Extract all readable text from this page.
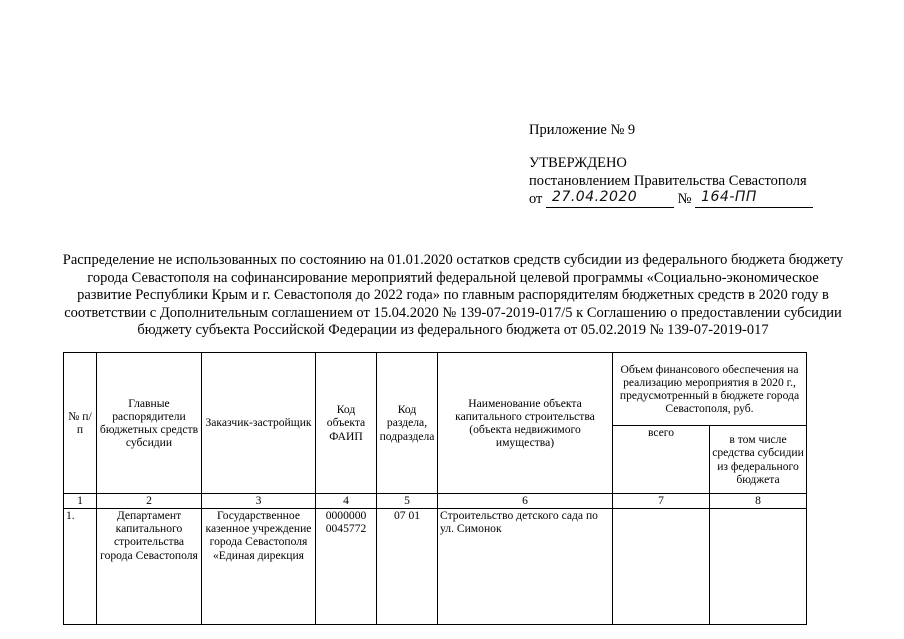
Приложение № 9
УТВЕРЖДЕНО
постановлением Правительства Севастополя
от 27.04.2020	№ 164-ПП
Распределение не использованных по состоянию на 01.01.2020 остатков средств субсидии из федерального бюджета бюджету города Севастополя на софинансирование мероприятий федеральной целевой программы «Социально-экономическое развитие Республики Крым и г. Севастополя до 2022 года» по главным распорядителям бюджетных средств в 2020 году в соответствии с Дополнительным соглашением от 15.04.2020 № 139-07-2019-017/5 к Соглашению о предоставлении субсидии бюджету субъекта Российской Федерации из федерального бюджета от 05.02.2019 № 139-07-2019-017
№ п/п	Главные распорядители бюджетных средств субсидии	Заказчик-застройщик	Код объекта ФАИП	Код раздела, подраздела	Наименование объекта капитального строительства (объекта недвижимого имущества)	Объем финансового обеспечения на реализацию мероприятия в 2020 г., предусмотренный в бюджете города Севастополя, руб.	
						всего	в том числе средства субсидии из федерального бюджета
1	2	3	4	5	6	7	8
1.	Департамент капитального строительства города Севастополя	Государственное казенное учреждение города Севастополя «Единая дирекция	0000000 0045772	07 01	Строительство детского сада по ул. Симонок		
